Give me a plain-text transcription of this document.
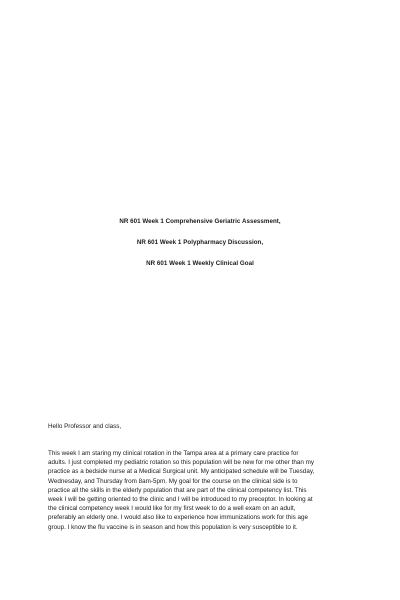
NR 601 Week 1 Comprehensive Geriatric Assessment,

NR 601 Week 1 Polypharmacy Discussion,

NR 601 Week 1 Weekly Clinical Goal

Hello Professor and class,

This week I am staring my clinical rotation in the Tampa area at a primary care practice for
adults. I just completed my pediatric rotation so this population will be new for me other than my
practice as a bedside nurse at a Medical Surgical unit. My anticipated schedule will be Tuesday,
Wednesday, and Thursday from 8am-5pm. My goal for the course on the clinical side is to
practice all the skills in the elderly population that are part of the clinical competency list. This
week I will be getting oriented to the clinic and I will be introduced to my preceptor. In looking at
the clinical competency week I would like for my first week to do a well exam on an adult,
preferably an elderly one. I would also like to experience how immunizations work for this age
group. I know the flu vaccine is in season and how this population is very susceptible to it.
